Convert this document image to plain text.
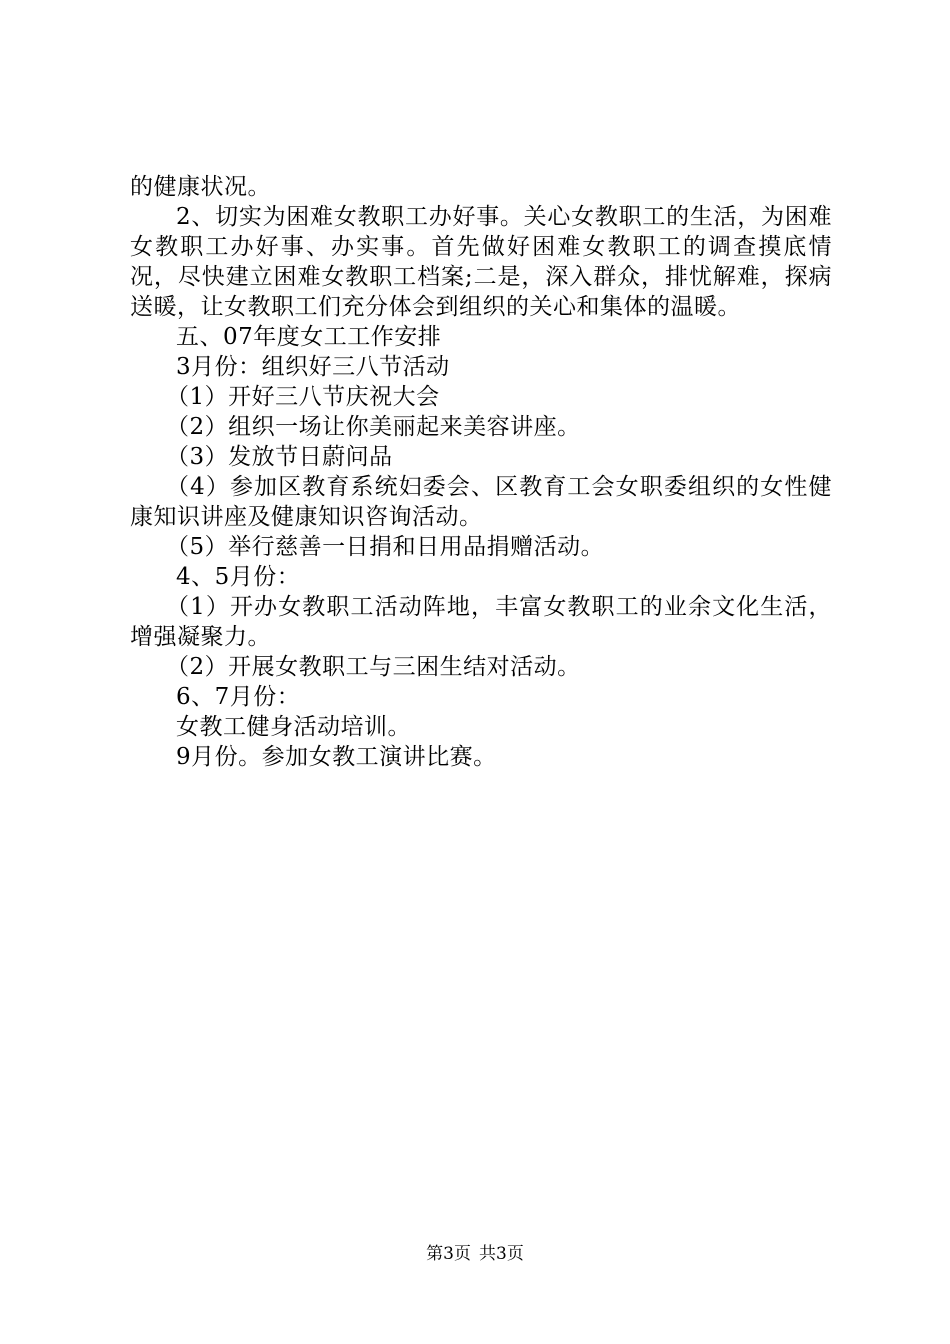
的健康状况。

2、切实为困难女教职工办好事。关心女教职工的生活，为困难女教职工办好事、办实事。首先做好困难女教职工的调查摸底情况，尽快建立困难女教职工档案;二是，深入群众，排忧解难，探病送暖，让女教职工们充分体会到组织的关心和集体的温暖。

五、07年度女工工作安排

3月份：组织好三八节活动

（1）开好三八节庆祝大会

（2）组织一场让你美丽起来美容讲座。

（3）发放节日蔚问品

（4）参加区教育系统妇委会、区教育工会女职委组织的女性健康知识讲座及健康知识咨询活动。

（5）举行慈善一日捐和日用品捐赠活动。

4、5月份：

（1）开办女教职工活动阵地，丰富女教职工的业余文化生活，增强凝聚力。

（2）开展女教职工与三困生结对活动。

6、7月份：

女教工健身活动培训。

9月份。参加女教工演讲比赛。

第3页 共3页
